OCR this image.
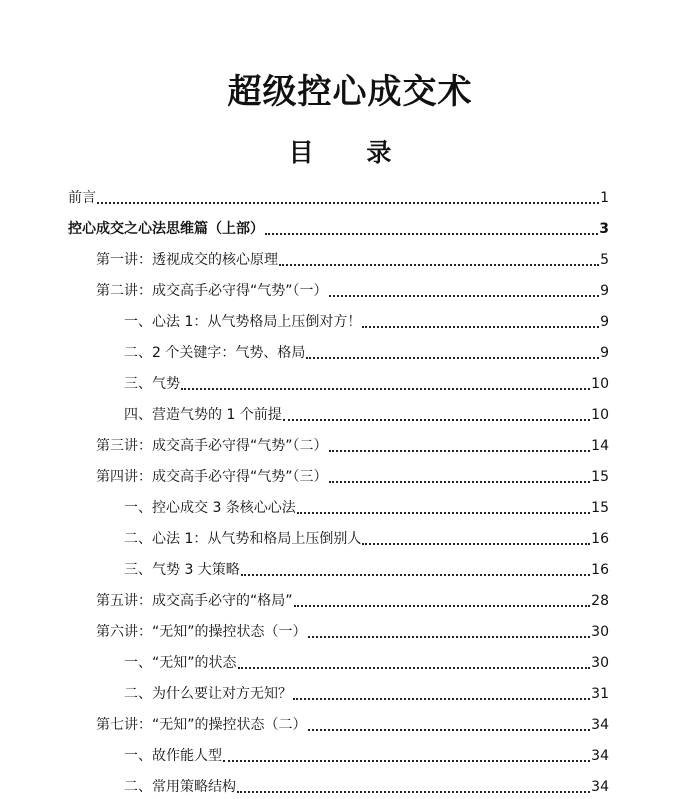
超级控心成交术
目 录
前言	1
控心成交之心法思维篇（上部）	3
第一讲：透视成交的核心原理	5
第二讲：成交高手必守得“气势”（一）	9
一、心法 1：从气势格局上压倒对方！	9
二、2 个关键字：气势、格局	9
三、气势	10
四、营造气势的 1 个前提	10
第三讲：成交高手必守得“气势”（二）	14
第四讲：成交高手必守得“气势”（三）	15
一、控心成交 3 条核心心法	15
二、心法 1：从气势和格局上压倒别人	16
三、气势 3 大策略	16
第五讲：成交高手必守的“格局”	28
第六讲：“无知”的操控状态（一）	30
一、“无知”的状态	30
二、为什么要让对方无知？	31
第七讲：“无知”的操控状态（二）	34
一、故作能人型	34
二、常用策略结构	34
